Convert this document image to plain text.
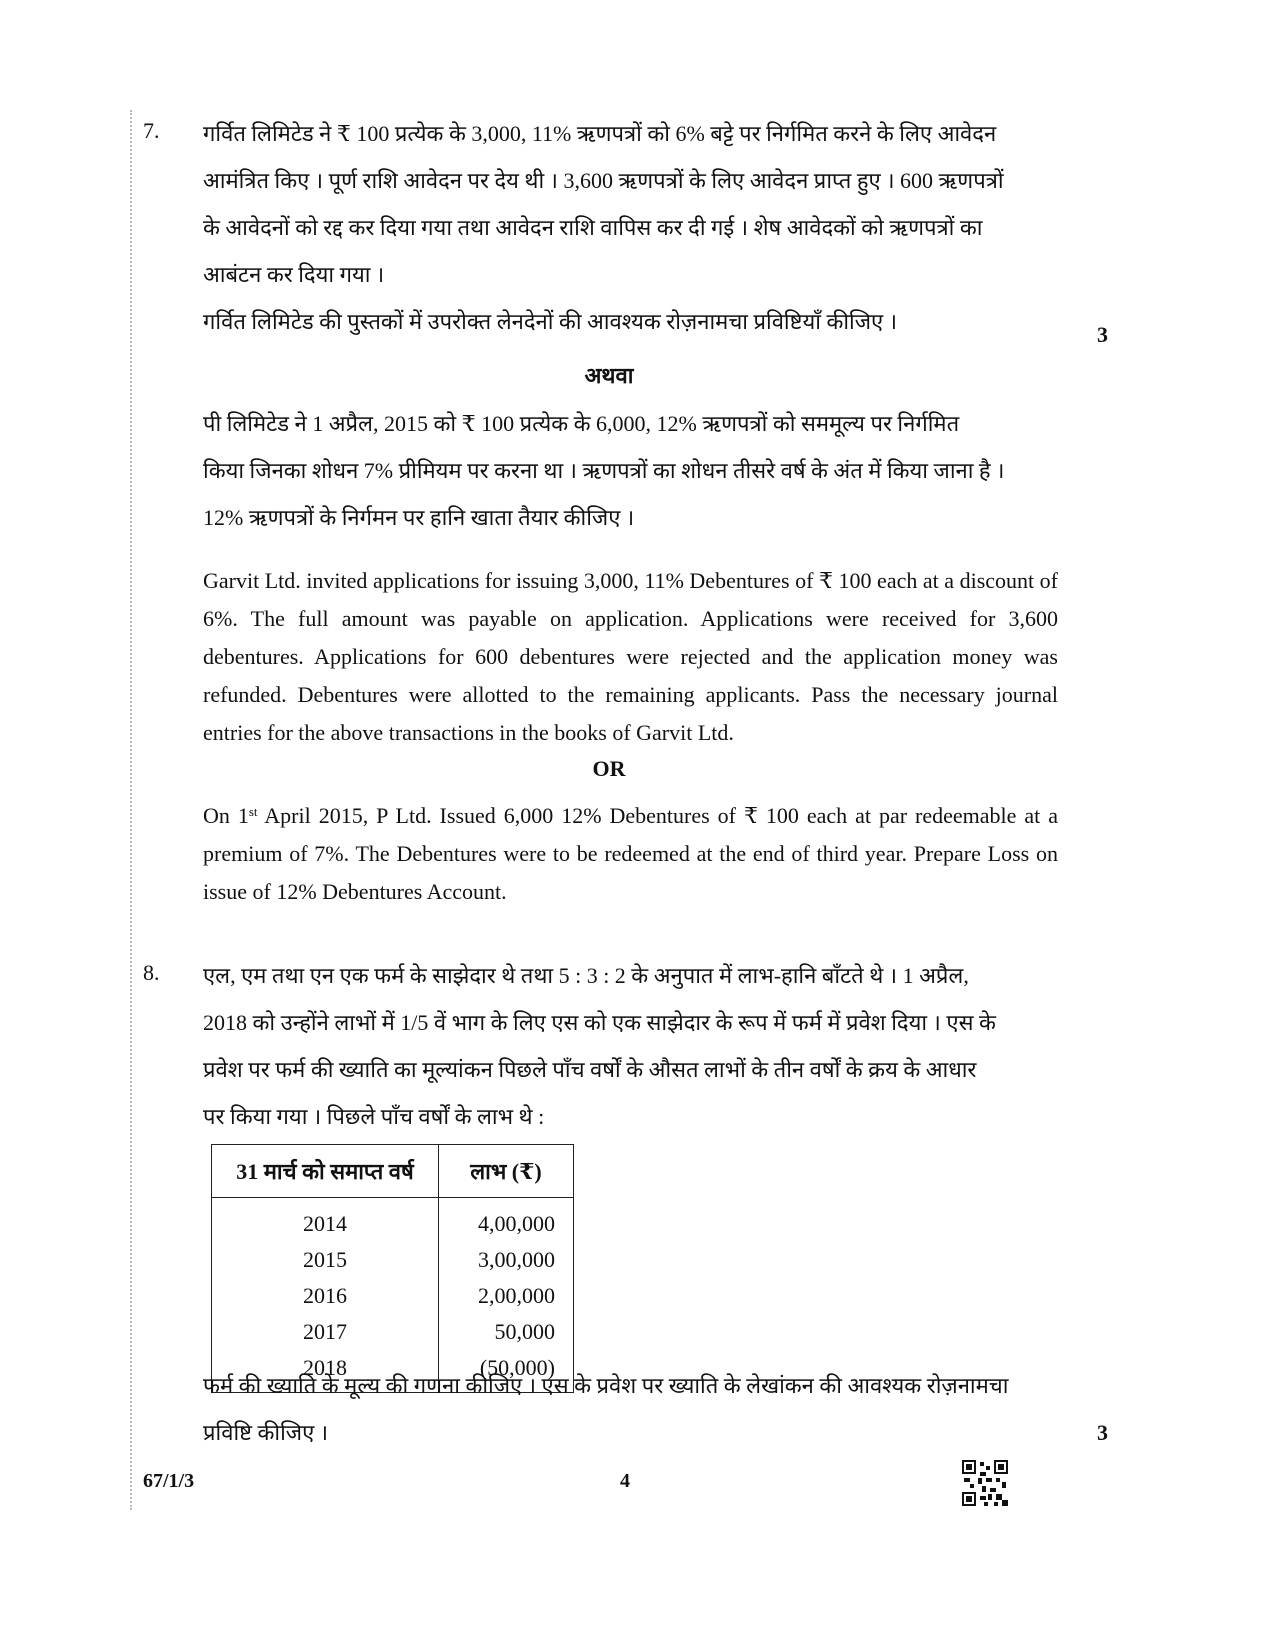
7. गर्वित लिमिटेड ने ₹ 100 प्रत्येक के 3,000, 11% ऋणपत्रों को 6% बट्टे पर निर्गमित करने के लिए आवेदन

आमंत्रित किए । पूर्ण राशि आवेदन पर देय थी । 3,600 ऋणपत्रों के लिए आवेदन प्राप्त हुए । 600 ऋणपत्रों

के आवेदनों को रद्द कर दिया गया तथा आवेदन राशि वापिस कर दी गई । शेष आवेदकों को ऋणपत्रों का

आबंटन कर दिया गया ।

गर्वित लिमिटेड की पुस्तकों में उपरोक्त लेनदेनों की आवश्यक रोज़नामचा प्रविष्टियाँ कीजिए ।

3

अथवा

पी लिमिटेड ने 1 अप्रैल, 2015 को ₹ 100 प्रत्येक के 6,000, 12% ऋणपत्रों को सममूल्य पर निर्गमित

किया जिनका शोधन 7% प्रीमियम पर करना था । ऋणपत्रों का शोधन तीसरे वर्ष के अंत में किया जाना है ।

12% ऋणपत्रों के निर्गमन पर हानि खाता तैयार कीजिए ।

Garvit Ltd. invited applications for issuing 3,000, 11% Debentures of ₹ 100 each at a discount of 6%. The full amount was payable on application. Applications were received for 3,600 debentures. Applications for 600 debentures were rejected and the application money was refunded. Debentures were allotted to the remaining applicants. Pass the necessary journal entries for the above transactions in the books of Garvit Ltd.

OR

On 1st April 2015, P Ltd. Issued 6,000 12% Debentures of ₹ 100 each at par redeemable at a premium of 7%. The Debentures were to be redeemed at the end of third year. Prepare Loss on issue of 12% Debentures Account.

8. एल, एम तथा एन एक फर्म के साझेदार थे तथा 5 : 3 : 2 के अनुपात में लाभ-हानि बाँटते थे । 1 अप्रैल,

2018 को उन्होंने लाभों में 1/5 वें भाग के लिए एस को एक साझेदार के रूप में फर्म में प्रवेश दिया । एस के

प्रवेश पर फर्म की ख्याति का मूल्यांकन पिछले पाँच वर्षों के औसत लाभों के तीन वर्षों के क्रय के आधार

पर किया गया । पिछले पाँच वर्षों के लाभ थे :

31 मार्च को समाप्त वर्ष	लाभ (₹)
2014	4,00,000
2015	3,00,000
2016	2,00,000
2017	50,000
2018	(50,000)

फर्म की ख्याति के मूल्य की गणना कीजिए । एस के प्रवेश पर ख्याति के लेखांकन की आवश्यक रोज़नामचा

प्रविष्टि कीजिए ।	3
67/1/3	4
